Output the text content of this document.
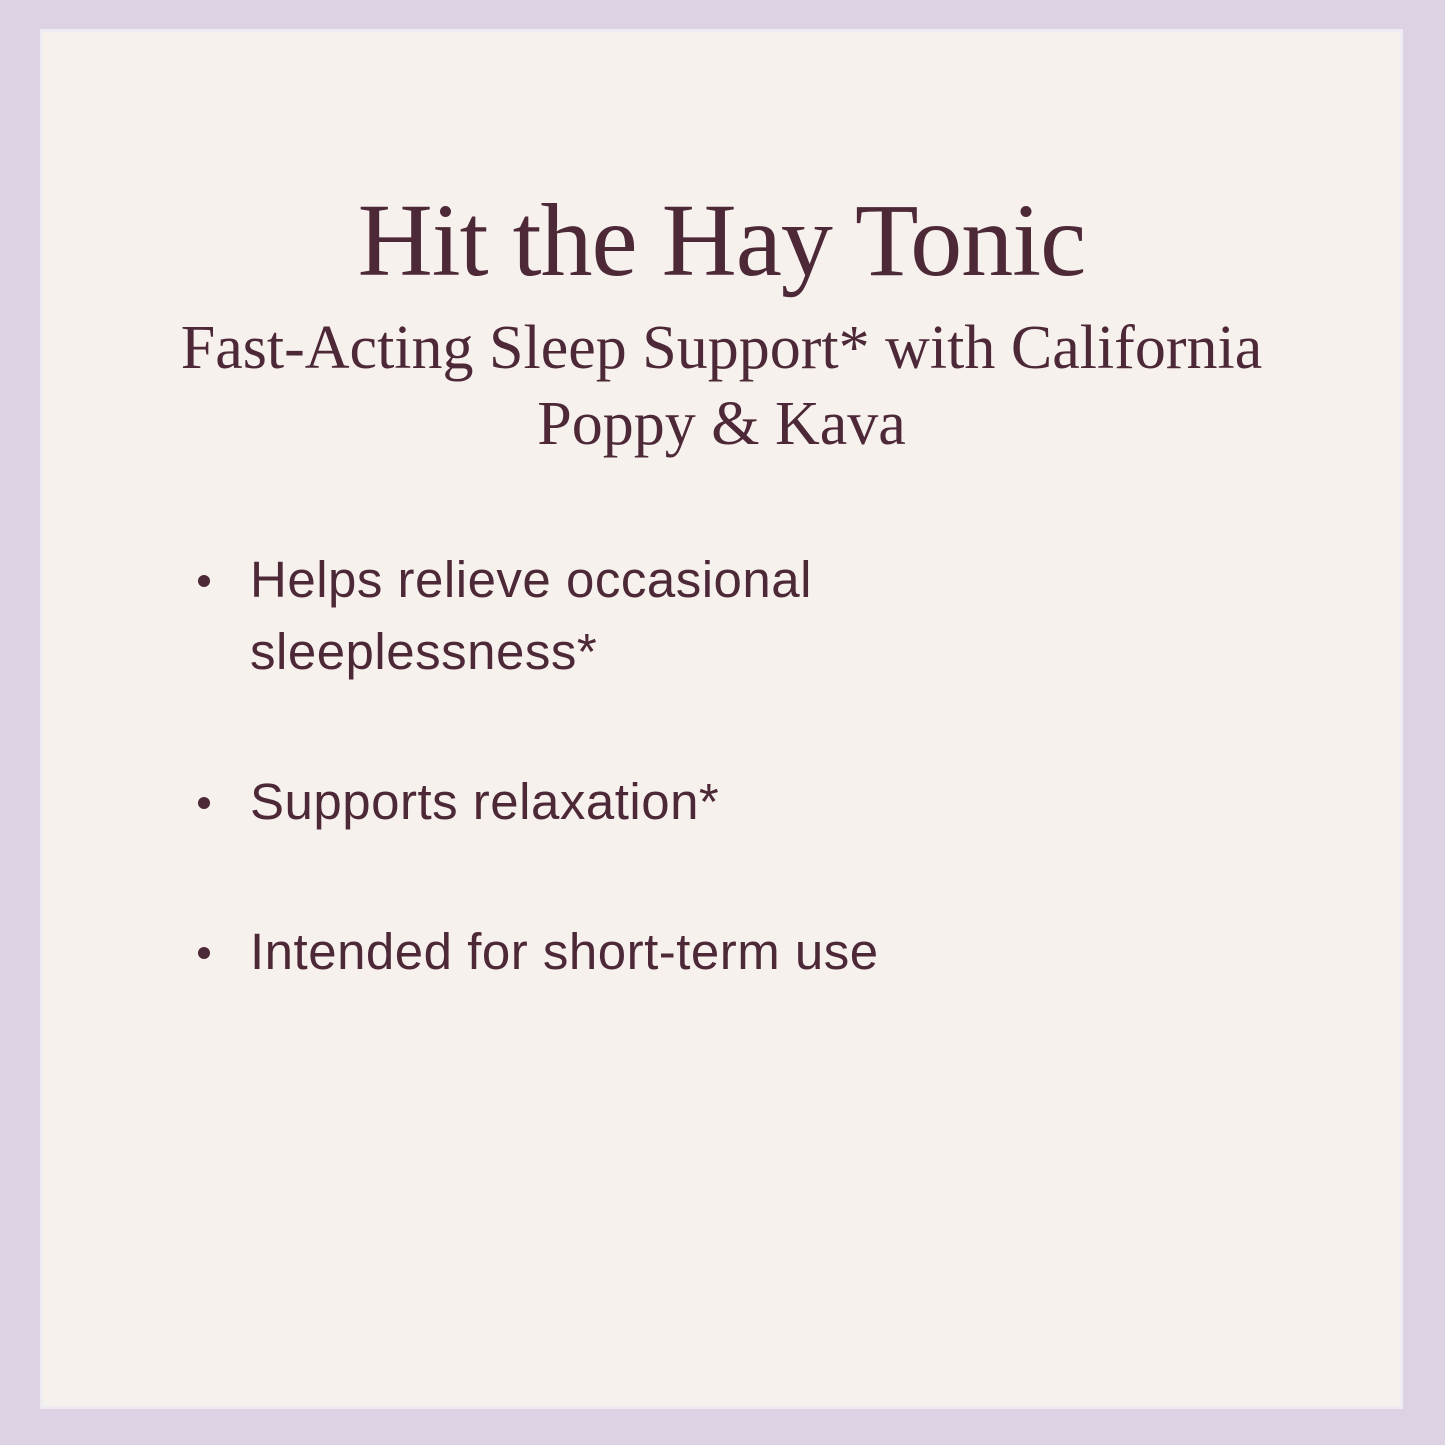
Hit the Hay Tonic
Fast-Acting Sleep Support* with California
Poppy & Kava
Helps relieve occasional sleeplessness*
Supports relaxation*
Intended for short-term use
